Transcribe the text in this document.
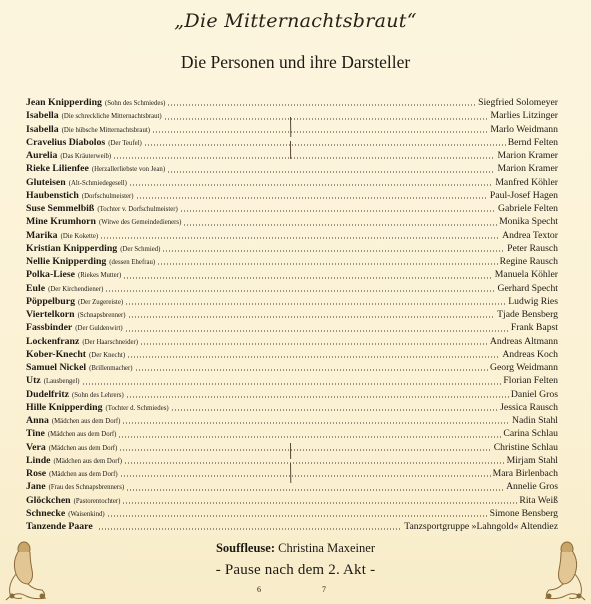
„Die Mitternachtsbraut“
Die Personen und ihre Darsteller
Jean Knipperding (Sohn des Schmiedes)	Siegfried Solomeyer
Isabella (Die schreckliche Mitternachtsbraut)	Marlies Litzinger
Isabella (Die hübsche Mitternachtsbraut)	Marlo Weidmann
Cravelius Diabolos (Der Teufel)	Bernd Felten
Aurelia (Das Kräuterweib)	Marion Kramer
Rieke Lilienfee (Herzallerliebste von Jean)	Marion Kramer
Gluteisen (Alt-Schmiedegesell)	Manfred Köhler
Haubenstich (Dorfschulmeister)	Paul-Josef Hagen
Suse Semmelbiß (Tochter v. Dorfschulmeister)	Gabriele Felten
Mine Krumhorn (Witwe des Gemeindedieners)	Monika Specht
Marika (Die Kokette)	Andrea Textor
Kristian Knipperding (Der Schmied)	Peter Rausch
Nellie Knipperding (dessen Ehefrau)	Regine Rausch
Polka-Liese (Riekes Mutter)	Manuela Köhler
Eule (Der Kirchendiener)	Gerhard Specht
Pöppelburg (Der Zugereiste)	Ludwig Ries
Viertelkorn (Schnapsbrenner)	Tjade Bensberg
Fassbinder (Der Guldenwirt)	Frank Bapst
Lockenfranz (Der Haarschneider)	Andreas Altmann
Kober-Knecht (Der Knecht)	Andreas Koch
Samuel Nickel (Brillenmacher)	Georg Weidmann
Utz (Lausbengel)	Florian Felten
Dudelfritz (Sohn des Lehrers)	Daniel Gros
Hille Knipperding (Tochter d. Schmiedes)	Jessica Rausch
Anna (Mädchen aus dem Dorf)	Nadin Stahl
Tine (Mädchen aus dem Dorf)	Carina Schlau
Vera (Mädchen aus dem Dorf)	Christine Schlau
Linde (Mädchen aus dem Dorf)	Mirjam Stahl
Rose (Mädchen aus dem Dorf)	Mara Birlenbach
Jane (Frau des Schnapsbrenners)	Annelie Gros
Glöckchen (Pastorentochter)	Rita Weiß
Schnecke (Waisenkind)	Simone Bensberg
Tanzende Paare	Tanzsportgruppe »Lahngold« Altendiez
Souffleuse: Christina Maxeiner
- Pause nach dem 2. Akt -
6	7
